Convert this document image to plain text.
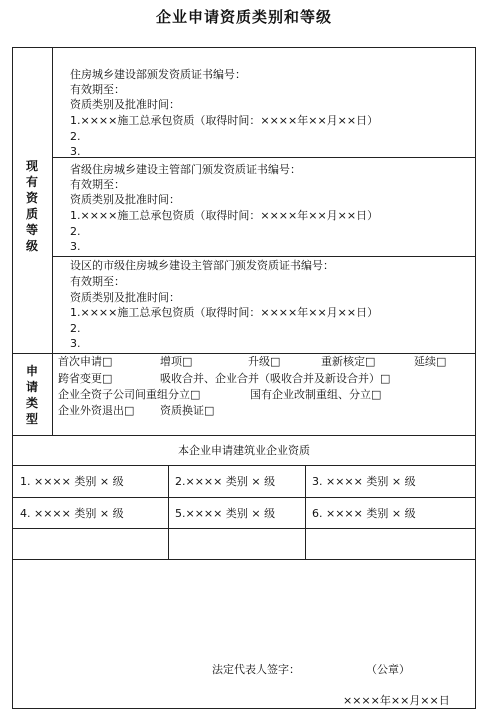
企业申请资质类别和等级
现有资质等级
住房城乡建设部颁发资质证书编号：
有效期至：
资质类别及批准时间：
1.××××施工总承包资质（取得时间：××××年××月××日）
2.
3.
省级住房城乡建设主管部门颁发资质证书编号：
有效期至：
资质类别及批准时间：
1.××××施工总承包资质（取得时间：××××年××月××日）
2.
3.
设区的市级住房城乡建设主管部门颁发资质证书编号：
有效期至：
资质类别及批准时间：
1.××××施工总承包资质（取得时间：××××年××月××日）
2.
3.
申请类型
首次申请□	增项□	升级□	重新核定□	延续□
跨省变更□	吸收合并、企业合并（吸收合并及新设合并）□
企业全资子公司间重组分立□	国有企业改制重组、分立□
企业外资退出□ 资质换证□
本企业申请建筑业企业资质
1. ×××× 类别 × 级	2.×××× 类别 × 级	3. ×××× 类别 × 级
4. ×××× 类别 × 级	5.×××× 类别 × 级	6. ×××× 类别 × 级
法定代表人签字：	（公章）
××××年××月××日
